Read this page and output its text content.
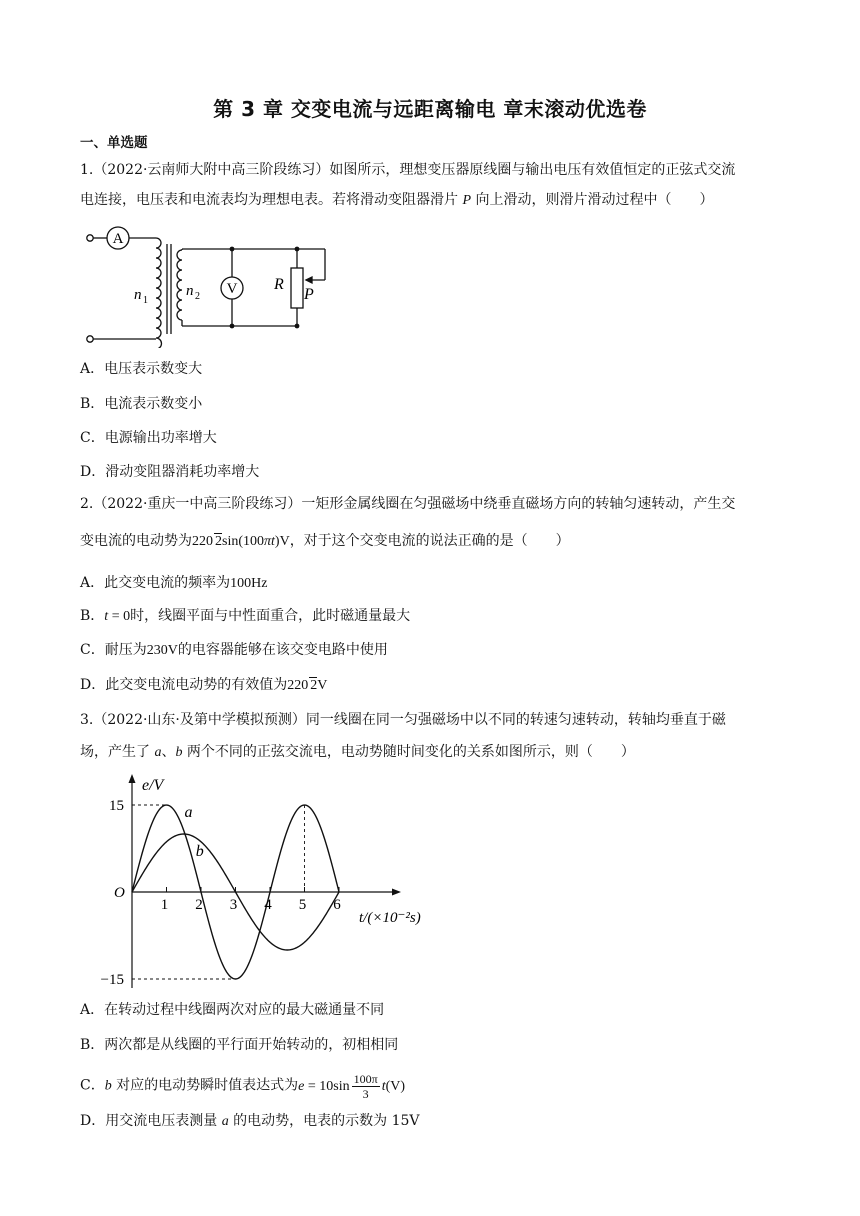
第 3 章 交变电流与远距离输电 章末滚动优选卷
一、单选题
1.（2022·云南师大附中高三阶段练习）如图所示，理想变压器原线圈与输出电压有效值恒定的正弦式交流
电连接，电压表和电流表均为理想电表。若将滑动变阻器滑片 P 向上滑动，则滑片滑动过程中（　　）
A
V
n 1
n 2
R
P
A．电压表示数变大
B．电流表示数变小
C．电源输出功率增大
D．滑动变阻器消耗功率增大
2.（2022·重庆一中高三阶段练习）一矩形金属线圈在匀强磁场中绕垂直磁场方向的转轴匀速转动，产生交
变电流的电动势为220 2sin(100πt)V，对于这个交变电流的说法正确的是（　　）
A．此交变电流的频率为100Hz
B．t = 0时，线圈平面与中性面重合，此时磁通量最大
C．耐压为230V的电容器能够在该交变电路中使用
D．此交变电流电动势的有效值为220 2V
3.（2022·山东·及第中学模拟预测）同一线圈在同一匀强磁场中以不同的转速匀速转动，转轴均垂直于磁
场，产生了 a、b 两个不同的正弦交流电，电动势随时间变化的关系如图所示，则（　　）
1 2 3 4 5 6
15
−15
O
e/V
t/(×10⁻²s)
a
b
A．在转动过程中线圈两次对应的最大磁通量不同
B．两次都是从线圈的平行面开始转动的，初相相同
C．b 对应的电动势瞬时值表达式为$e = 10\sin \frac{100\pi}{3} t(V)$
D．用交流电压表测量 a 的电动势，电表的示数为 15V
